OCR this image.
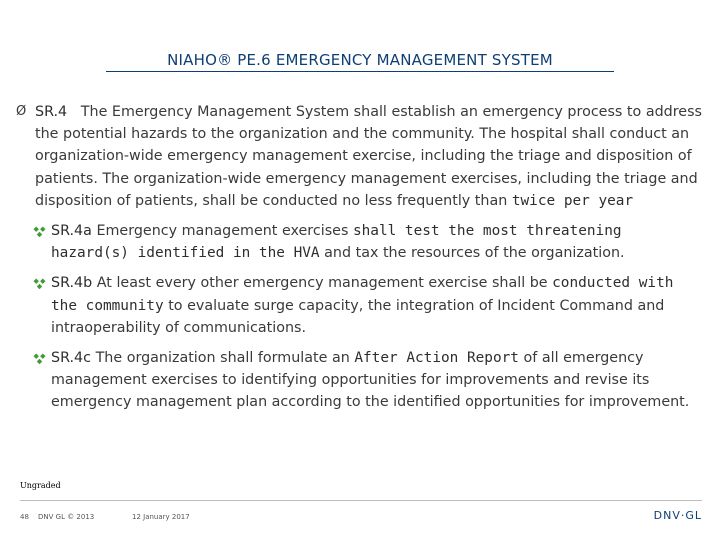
NIAHO® PE.6 EMERGENCY MANAGEMENT SYSTEM
Ø SR.4 The Emergency Management System shall establish an emergency process to address the potential hazards to the organization and the community. The hospital shall conduct an organization-wide emergency management exercise, including the triage and disposition of patients. The organization-wide emergency management exercises, including the triage and disposition of patients, shall be conducted no less frequently than twice per year
SR.4a Emergency management exercises shall test the most threatening hazard(s) identified in the HVA and tax the resources of the organization.
SR.4b At least every other emergency management exercise shall be conducted with the community to evaluate surge capacity, the integration of Incident Command and intraoperability of communications.
SR.4c The organization shall formulate an After Action Report of all emergency management exercises to identifying opportunities for improvements and revise its emergency management plan according to the identified opportunities for improvement.
Ungraded
48 DNV GL © 2013	12 January 2017	DNV·GL
